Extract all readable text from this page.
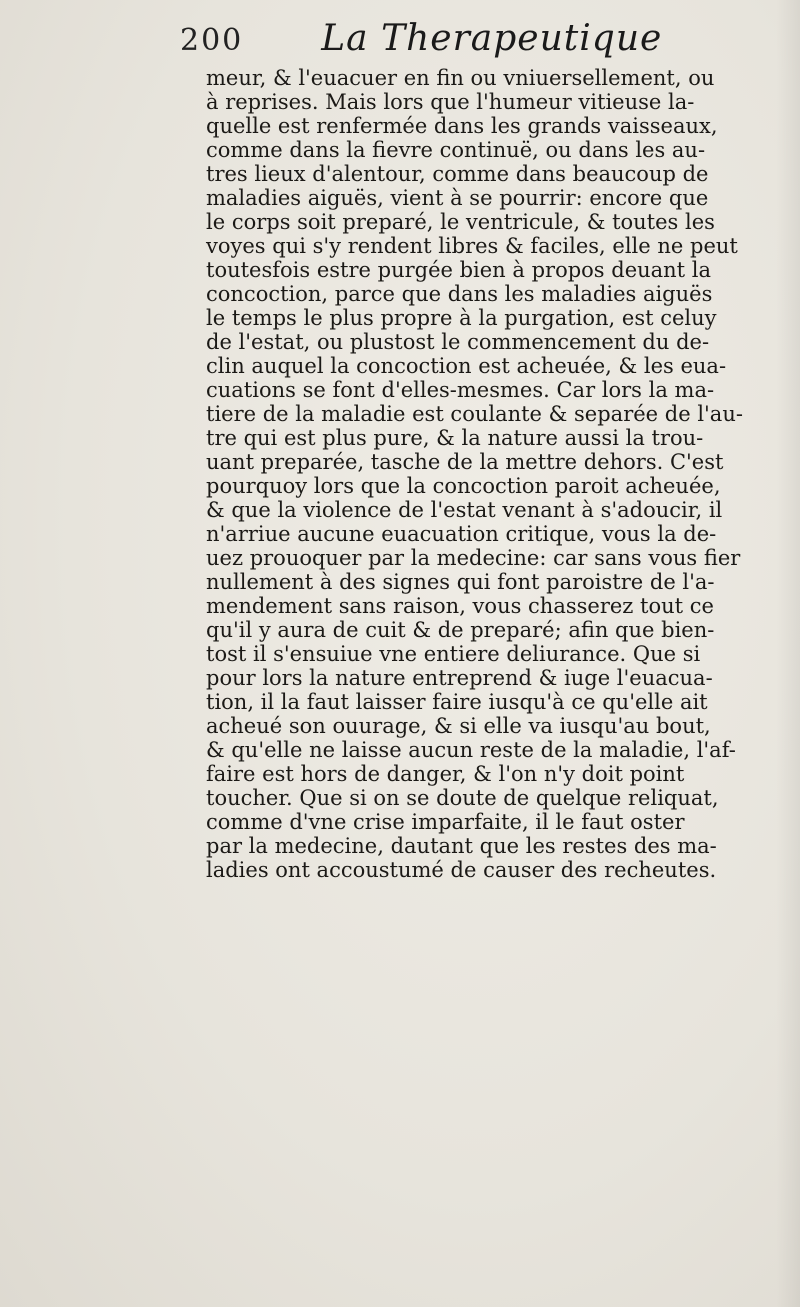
200 La Therapeutique
meur, & l'euacuer en fin ou vniuersellement, ou
à reprises. Mais lors que l'humeur vitieuse la-
quelle est renfermée dans les grands vaisseaux,
comme dans la fievre continuë, ou dans les au-
tres lieux d'alentour, comme dans beaucoup de
maladies aiguës, vient à se pourrir: encore que
le corps soit preparé, le ventricule, & toutes les
voyes qui s'y rendent libres & faciles, elle ne peut
toutesfois estre purgée bien à propos deuant la
concoction, parce que dans les maladies aiguës
le temps le plus propre à la purgation, est celuy
de l'estat, ou plustost le commencement du de-
clin auquel la concoction est acheuée, & les eua-
cuations se font d'elles-mesmes. Car lors la ma-
tiere de la maladie est coulante & separée de l'au-
tre qui est plus pure, & la nature aussi la trou-
uant preparée, tasche de la mettre dehors. C'est
pourquoy lors que la concoction paroit acheuée,
& que la violence de l'estat venant à s'adoucir, il
n'arriue aucune euacuation critique, vous la de-
uez prouoquer par la medecine: car sans vous fier
nullement à des signes qui font paroistre de l'a-
mendement sans raison, vous chasserez tout ce
qu'il y aura de cuit & de preparé; afin que bien-
tost il s'ensuiue vne entiere deliurance. Que si
pour lors la nature entreprend & iuge l'euacua-
tion, il la faut laisser faire iusqu'à ce qu'elle ait
acheué son ouurage, & si elle va iusqu'au bout,
& qu'elle ne laisse aucun reste de la maladie, l'af-
faire est hors de danger, & l'on n'y doit point
toucher. Que si on se doute de quelque reliquat,
comme d'vne crise imparfaite, il le faut oster
par la medecine, dautant que les restes des ma-
ladies ont accoustumé de causer des recheutes.
